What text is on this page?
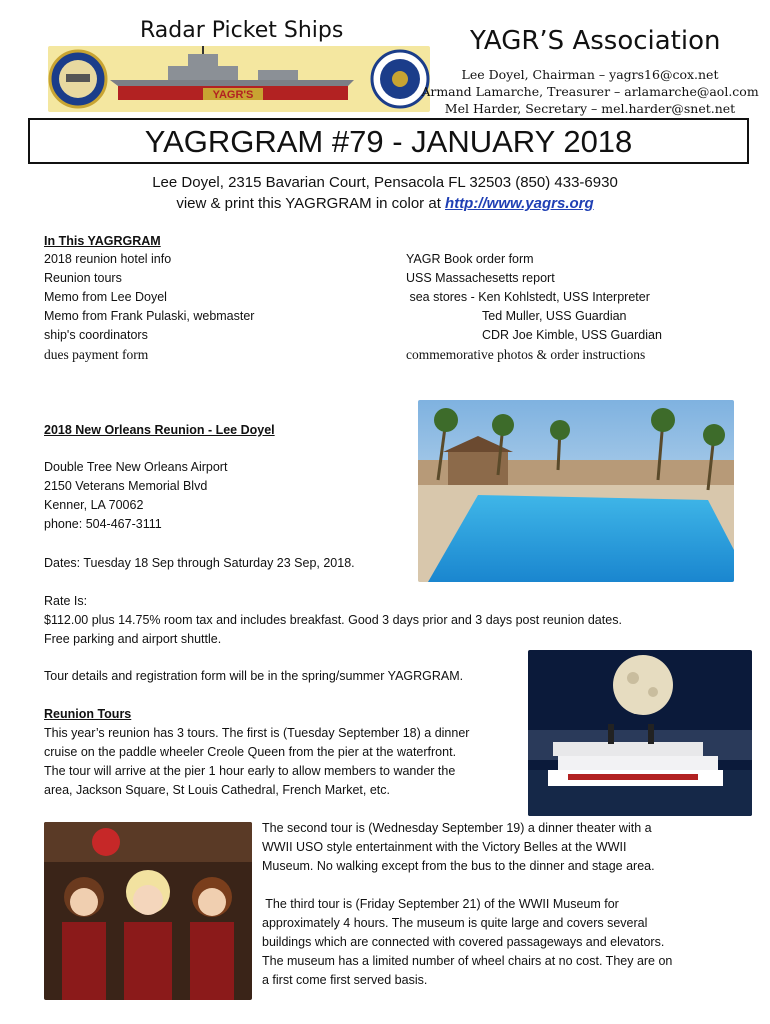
Radar Picket Ships	YAGR’S Association
YAGR'S
Lee Doyel, Chairman – yagrs16@cox.net
Armand Lamarche, Treasurer – arlamarche@aol.com
Mel Harder, Secretary – mel.harder@snet.net
YAGRGRAM #79 - JANUARY 2018
Lee Doyel, 2315 Bavarian Court, Pensacola FL 32503 (850) 433-6930
view & print this YAGRGRAM in color at http://www.yagrs.org
In This YAGRGRAM
2018 reunion hotel info
Reunion tours
Memo from Lee Doyel
Memo from Frank Pulaski, webmaster
ship's coordinators
dues payment form
YAGR Book order form
USS Massachesetts report
sea stores - Ken Kohlstedt, USS Interpreter
Ted Muller, USS Guardian
CDR Joe Kimble, USS Guardian
commemorative photos & order instructions
2018 New Orleans Reunion - Lee Doyel
Double Tree New Orleans Airport
2150 Veterans Memorial Blvd
Kenner, LA 70062
phone: 504-467-3111
Dates: Tuesday 18 Sep through Saturday 23 Sep, 2018.
Rate Is:
$112.00 plus 14.75% room tax and includes breakfast. Good 3 days prior and 3 days post reunion dates.
Free parking and airport shuttle.
Tour details and registration form will be in the spring/summer YAGRGRAM.
Reunion Tours
This year’s reunion has 3 tours. The first is (Tuesday September 18) a dinner
cruise on the paddle wheeler Creole Queen from the pier at the waterfront.
The tour will arrive at the pier 1 hour early to allow members to wander the
area, Jackson Square, St Louis Cathedral, French Market, etc.
The second tour is (Wednesday September 19) a dinner theater with a
WWII USO style entertainment with the Victory Belles at the WWII
Museum. No walking except from the bus to the dinner and stage area.
The third tour is (Friday September 21) of the WWII Museum for
approximately 4 hours. The museum is quite large and covers several
buildings which are connected with covered passageways and elevators.
The museum has a limited number of wheel chairs at no cost. They are on
a first come first served basis.
